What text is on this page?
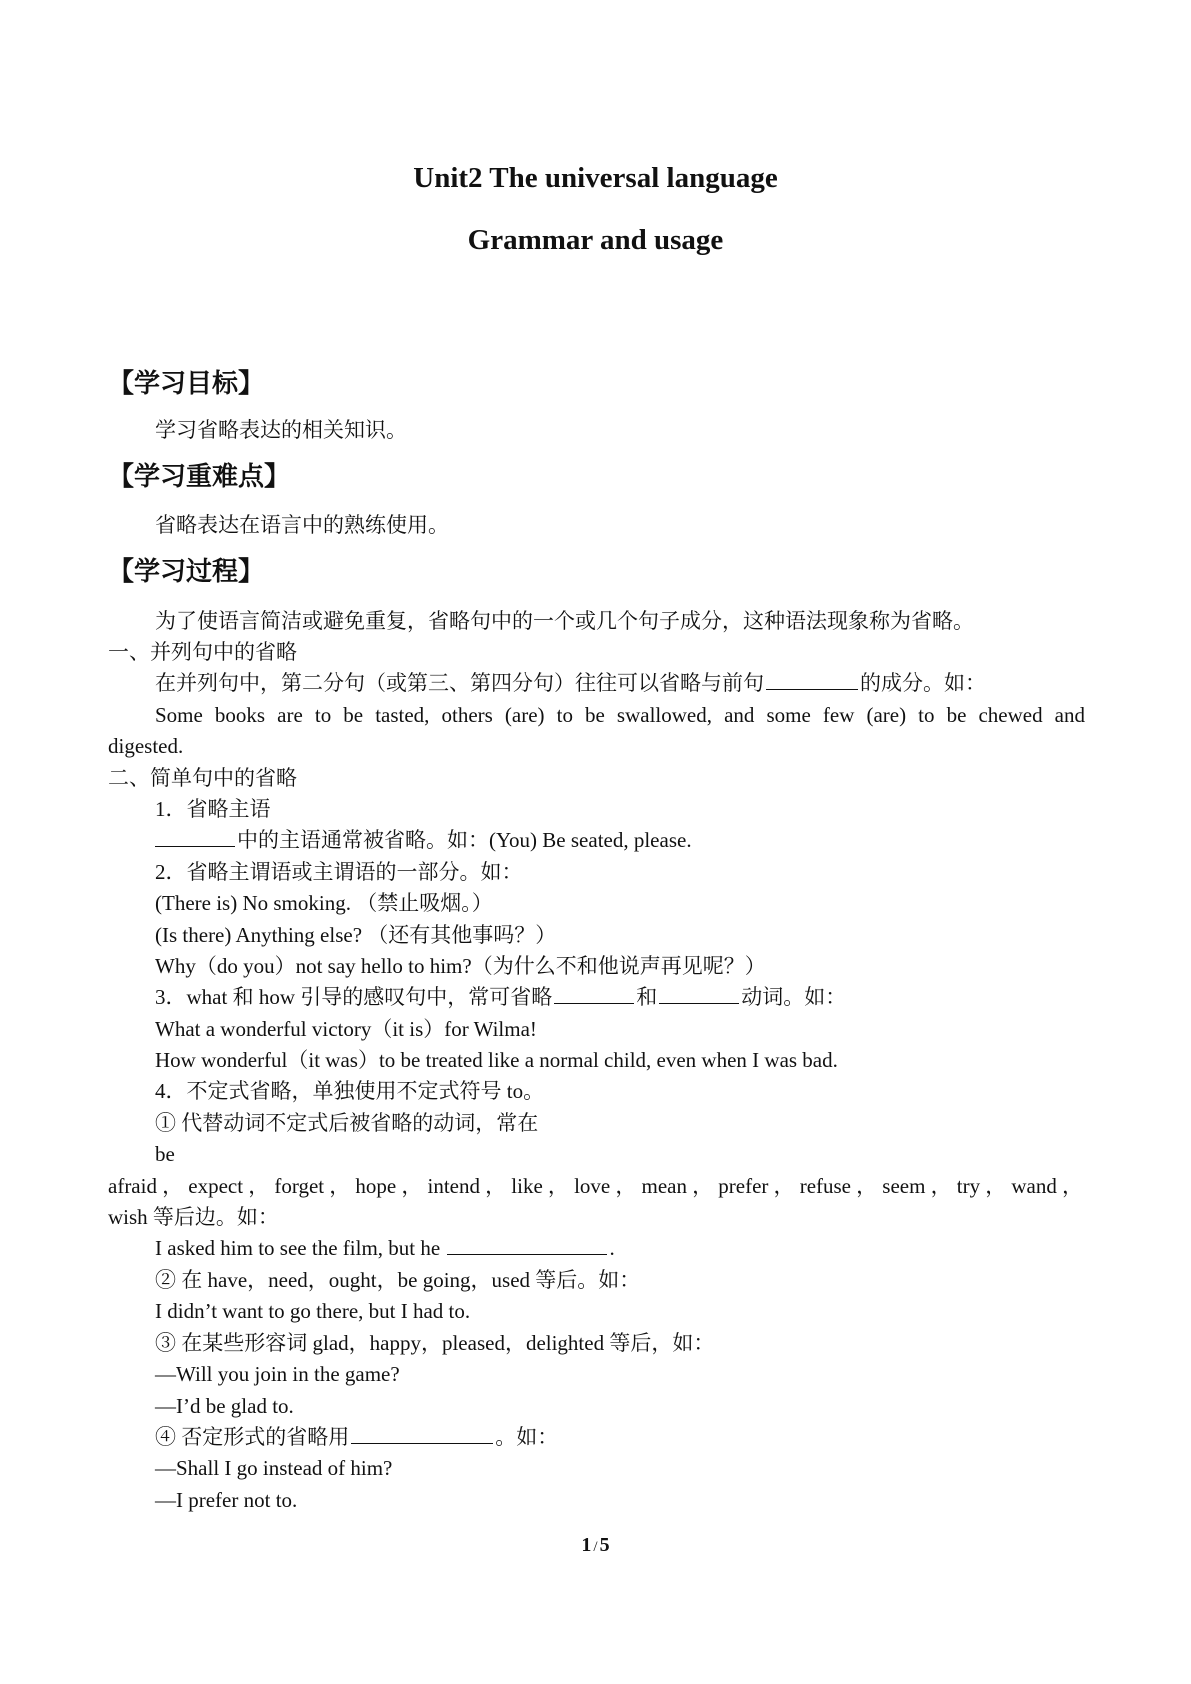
Unit2 The universal language
Grammar and usage
【学习目标】
学习省略表达的相关知识。
【学习重难点】
省略表达在语言中的熟练使用。
【学习过程】
为了使语言简洁或避免重复，省略句中的一个或几个句子成分，这种语法现象称为省略。
一、并列句中的省略
在并列句中，第二分句（或第三、第四分句）往往可以省略与前句	的成分。如：
Some books are to be tasted, others (are) to be swallowed, and some few (are) to be chewed and
digested.
二、简单句中的省略
1．省略主语
中的主语通常被省略。如：(You) Be seated, please.
2．省略主谓语或主谓语的一部分。如：
(There is) No smoking. （禁止吸烟。）
(Is there) Anything else? （还有其他事吗？）
Why（do you）not say hello to him?（为什么不和他说声再见呢？）
3．what 和 how 引导的感叹句中，常可省略	和	动词。如：
What a wonderful victory（it is）for Wilma!
How wonderful（it was）to be treated like a normal child, even when I was bad.
4．不定式省略，单独使用不定式符号 to。
① 代替动词不定式后被省略的动词，常在
be
afraid，expect，forget，hope，intend，like，love，mean，prefer，refuse，seem，try，wand，
wish 等后边。如：
I asked him to see the film, but he	.
② 在 have，need，ought，be going，used 等后。如：
I didn’t want to go there, but I had to.
③ 在某些形容词 glad，happy，pleased，delighted 等后，如：
—Will you join in the game?
—I’d be glad to.
④ 否定形式的省略用	。如：
—Shall I go instead of him?
—I prefer not to.
1 / 5
